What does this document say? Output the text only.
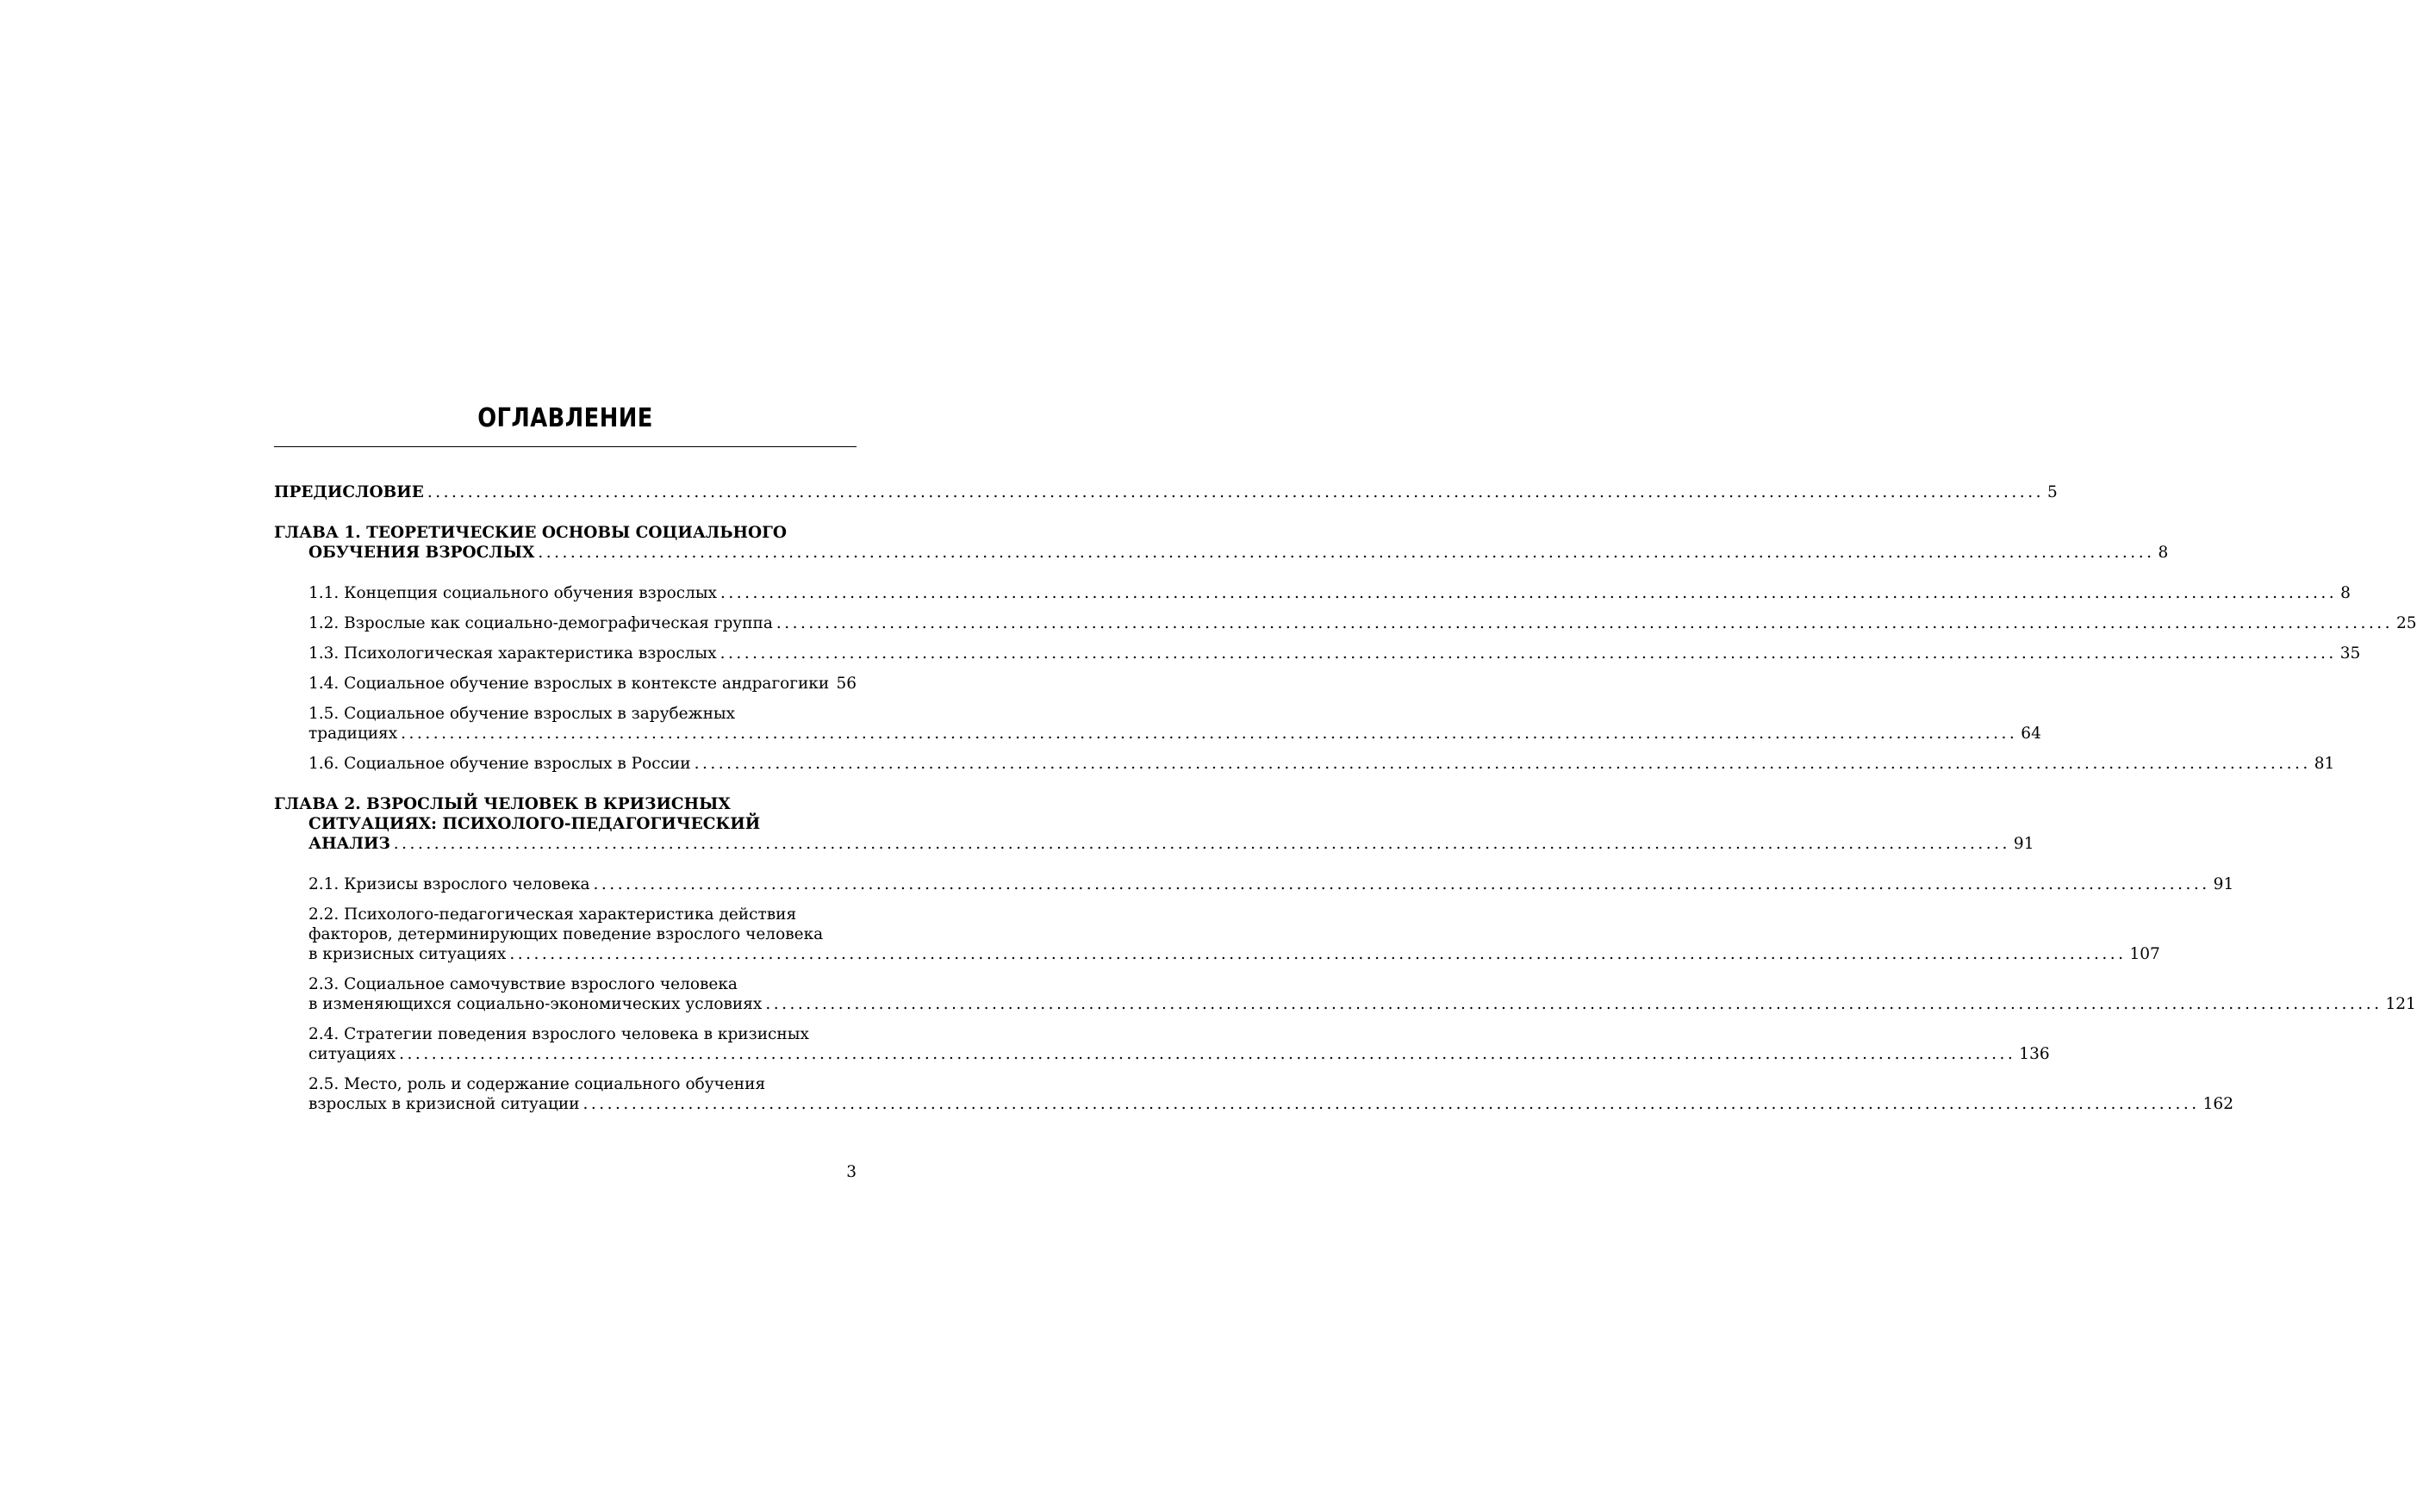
ОГЛАВЛЕНИЕ
ПРЕДИСЛОВИЕ ........................................................................................................................................................................................................ 5
ГЛАВА 1. ТЕОРЕТИЧЕСКИЕ ОСНОВЫ СОЦИАЛЬНОГО
ОБУЧЕНИЯ ВЗРОСЛЫХ ........................................................................................................................................................................................................ 8
1.1. Концепция социального обучения взрослых ........................................................................................................................................................................................................ 8
1.2. Взрослые как социально-демографическая группа ........................................................................................................................................................................................................ 25
1.3. Психологическая характеристика взрослых ........................................................................................................................................................................................................ 35
1.4. Социальное обучение взрослых в контексте андрагогики 56
1.5. Социальное обучение взрослых в зарубежных
традициях ........................................................................................................................................................................................................ 64
1.6. Социальное обучение взрослых в России ........................................................................................................................................................................................................ 81
ГЛАВА 2. ВЗРОСЛЫЙ ЧЕЛОВЕК В КРИЗИСНЫХ
СИТУАЦИЯХ: ПСИХОЛОГО-ПЕДАГОГИЧЕСКИЙ
АНАЛИЗ ........................................................................................................................................................................................................ 91
2.1. Кризисы взрослого человека ........................................................................................................................................................................................................ 91
2.2. Психолого-педагогическая характеристика действия
факторов, детерминирующих поведение взрослого человека
в кризисных ситуациях ........................................................................................................................................................................................................ 107
2.3. Социальное самочувствие взрослого человека
в изменяющихся социально-экономических условиях ........................................................................................................................................................................................................ 121
2.4. Стратегии поведения взрослого человека в кризисных
ситуациях ........................................................................................................................................................................................................ 136
2.5. Место, роль и содержание социального обучения
взрослых в кризисной ситуации ........................................................................................................................................................................................................ 162
3
